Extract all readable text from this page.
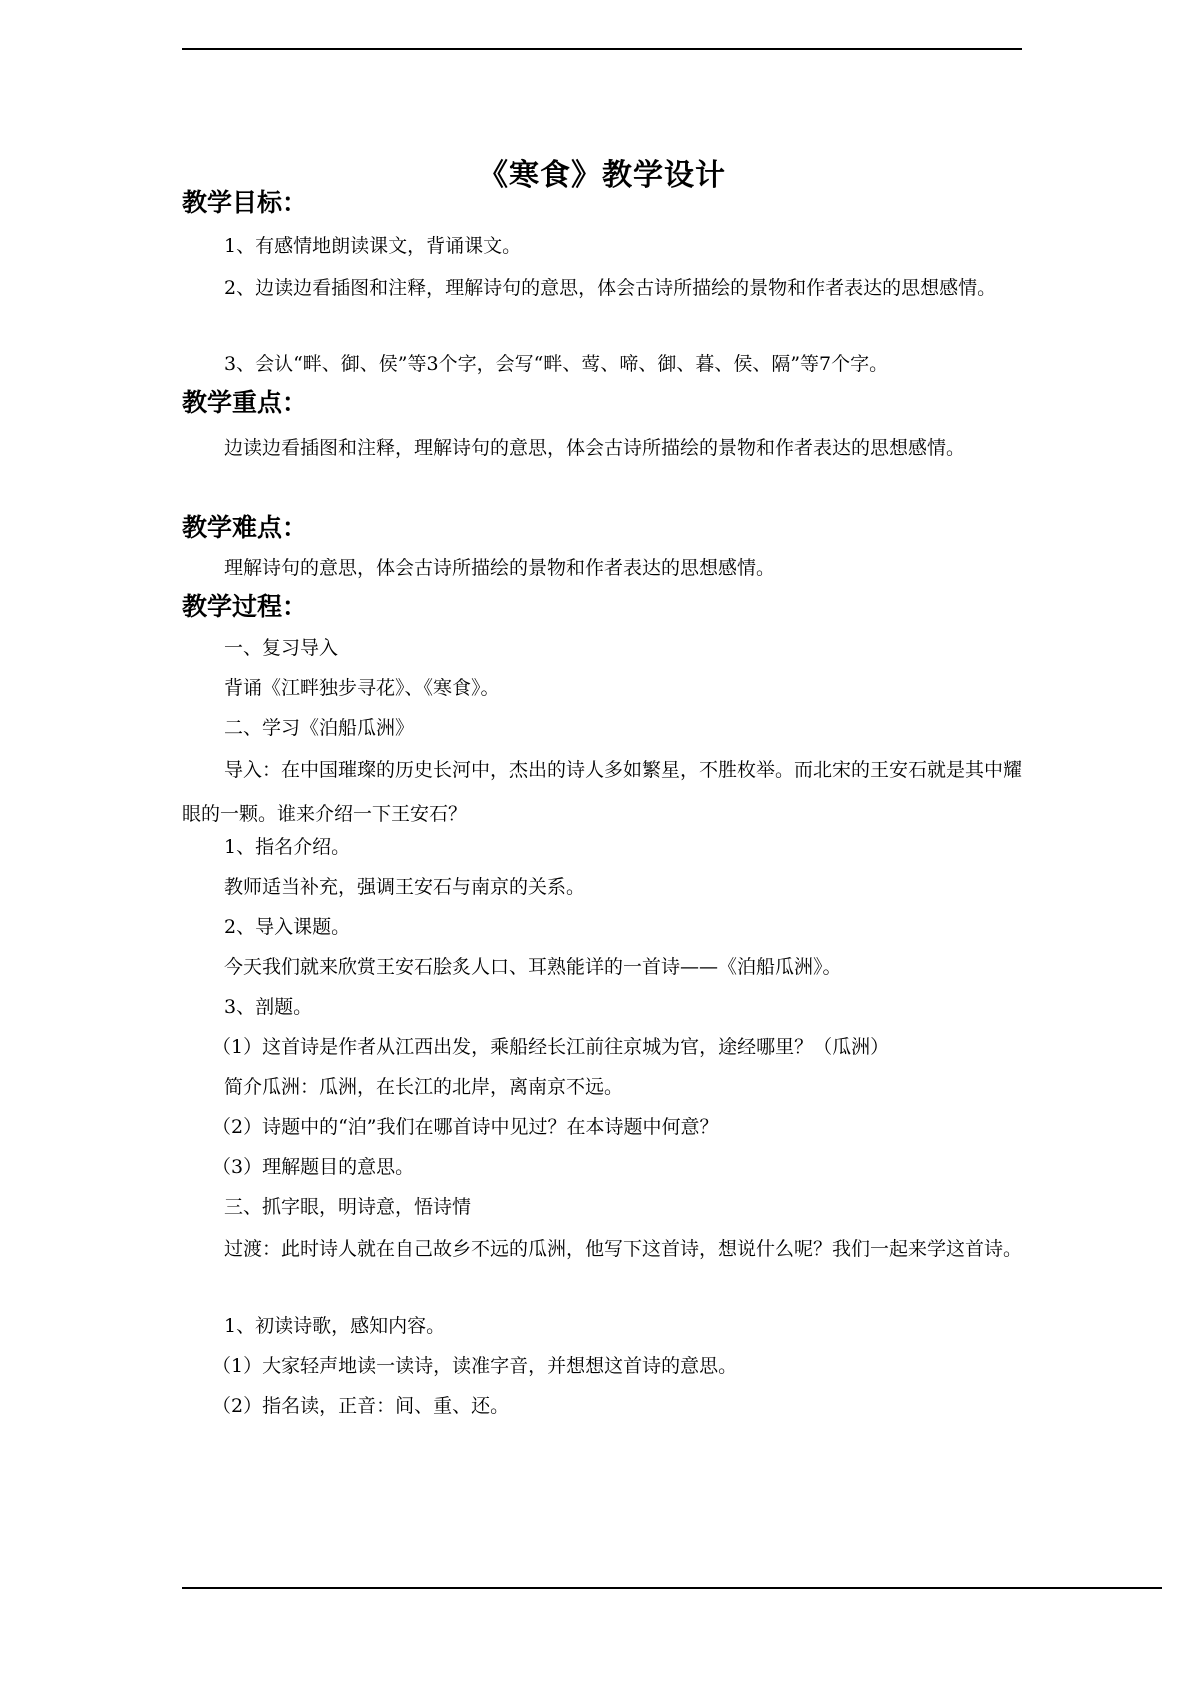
《寒食》教学设计
教学目标：

1、有感情地朗读课文，背诵课文。

2、边读边看插图和注释，理解诗句的意思，体会古诗所描绘的景物和作者表达的思想感情。

3、会认“畔、御、侯”等3个字，会写“畔、莺、啼、御、暮、侯、隔”等7个字。

教学重点：

边读边看插图和注释，理解诗句的意思，体会古诗所描绘的景物和作者表达的思想感情。

教学难点：

理解诗句的意思，体会古诗所描绘的景物和作者表达的思想感情。

教学过程：

一、复习导入

背诵《江畔独步寻花》、《寒食》。

二、学习《泊船瓜洲》

导入：在中国璀璨的历史长河中，杰出的诗人多如繁星，不胜枚举。而北宋的王安石就是其中耀眼的一颗。谁来介绍一下王安石？

1、指名介绍。

教师适当补充，强调王安石与南京的关系。

2、导入课题。

今天我们就来欣赏王安石脍炙人口、耳熟能详的一首诗——《泊船瓜洲》。

3、剖题。

（1）这首诗是作者从江西出发，乘船经长江前往京城为官，途经哪里？（瓜洲）

简介瓜洲：瓜洲，在长江的北岸，离南京不远。

（2）诗题中的“泊”我们在哪首诗中见过？在本诗题中何意？

（3）理解题目的意思。

三、抓字眼，明诗意，悟诗情

过渡：此时诗人就在自己故乡不远的瓜洲，他写下这首诗，想说什么呢？我们一起来学这首诗。

1、初读诗歌，感知内容。

（1）大家轻声地读一读诗，读准字音，并想想这首诗的意思。

（2）指名读，正音：间、重、还。
